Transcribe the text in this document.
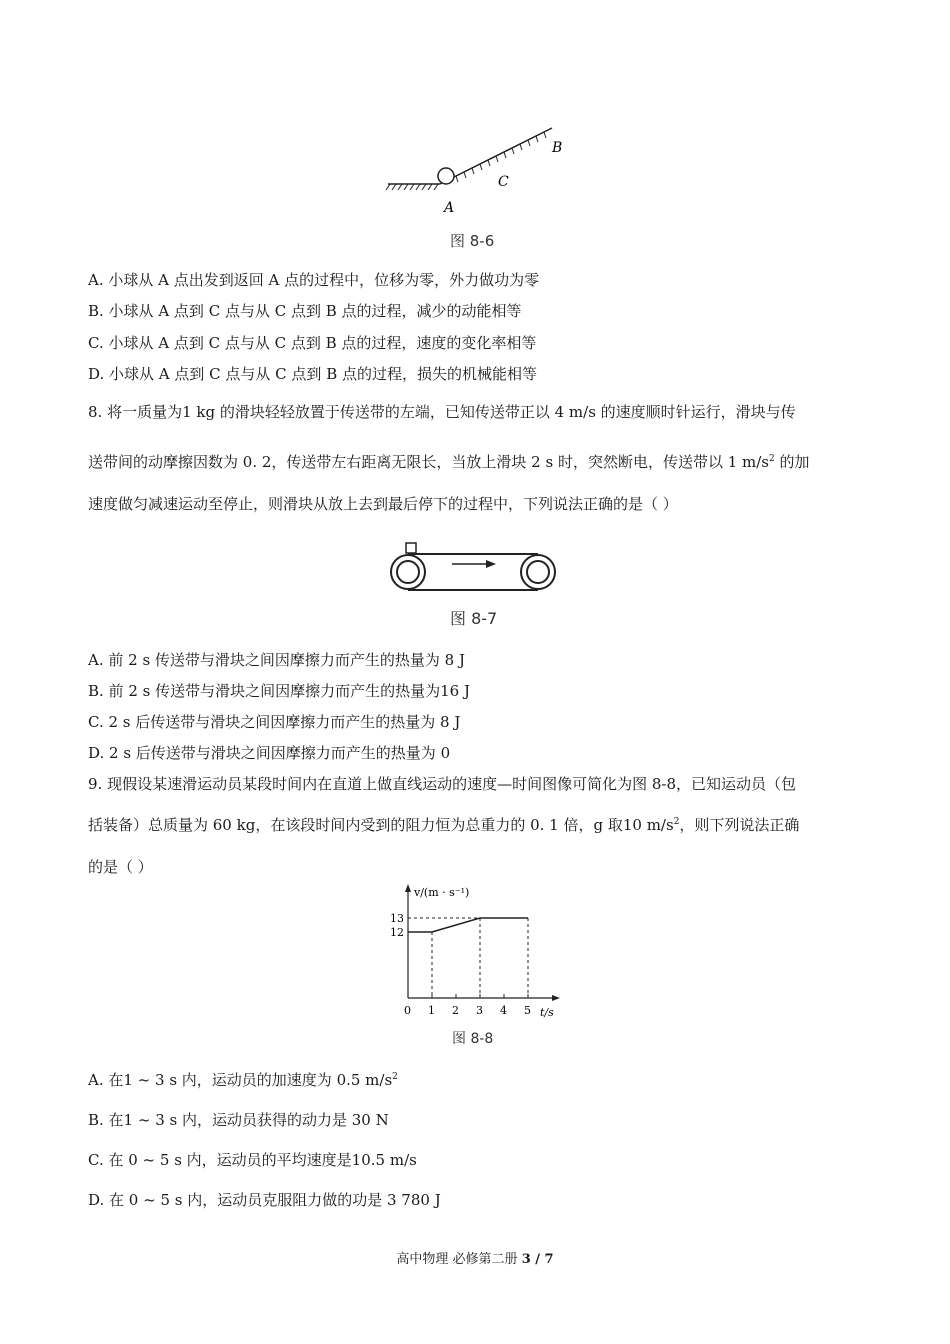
A
B
C
图 8-6
A. 小球从 A 点出发到返回 A 点的过程中，位移为零，外力做功为零
B. 小球从 A 点到 C 点与从 C 点到 B 点的过程，减少的动能相等
C. 小球从 A 点到 C 点与从 C 点到 B 点的过程，速度的变化率相等
D. 小球从 A 点到 C 点与从 C 点到 B 点的过程，损失的机械能相等
8. 将一质量为1 kg 的滑块轻轻放置于传送带的左端，已知传送带正以 4 m/s 的速度顺时针运行，滑块与传
送带间的动摩擦因数为 0. 2，传送带左右距离无限长，当放上滑块 2 s 时，突然断电，传送带以 1 $m/s^2$ 的加
速度做匀减速运动至停止，则滑块从放上去到最后停下的过程中，下列说法正确的是（ ）
图 8-7
A. 前 2 s 传送带与滑块之间因摩擦力而产生的热量为 8 J
B. 前 2 s 传送带与滑块之间因摩擦力而产生的热量为16 J
C. 2 s 后传送带与滑块之间因摩擦力而产生的热量为 8 J
D. 2 s 后传送带与滑块之间因摩擦力而产生的热量为 0
9. 现假设某速滑运动员某段时间内在直道上做直线运动的速度—时间图像可简化为图 8-8，已知运动员（包
括装备）总质量为 60 kg，在该段时间内受到的阻力恒为总重力的 0. 1 倍，g 取10 $m/s^2$，则下列说法正确
的是（ ）
v/(m · s⁻¹)
t/s
0 1 2 3 4 5
12
13
图 8-8
A. 在1 ~ 3 s 内，运动员的加速度为 0.5 $m/s^2$
B. 在1 ~ 3 s 内，运动员获得的动力是 30 N
C. 在 0 ~ 5 s 内，运动员的平均速度是10.5 m/s
D. 在 0 ~ 5 s 内，运动员克服阻力做的功是 3 780 J
高中物理 必修第二册 3 / 7
